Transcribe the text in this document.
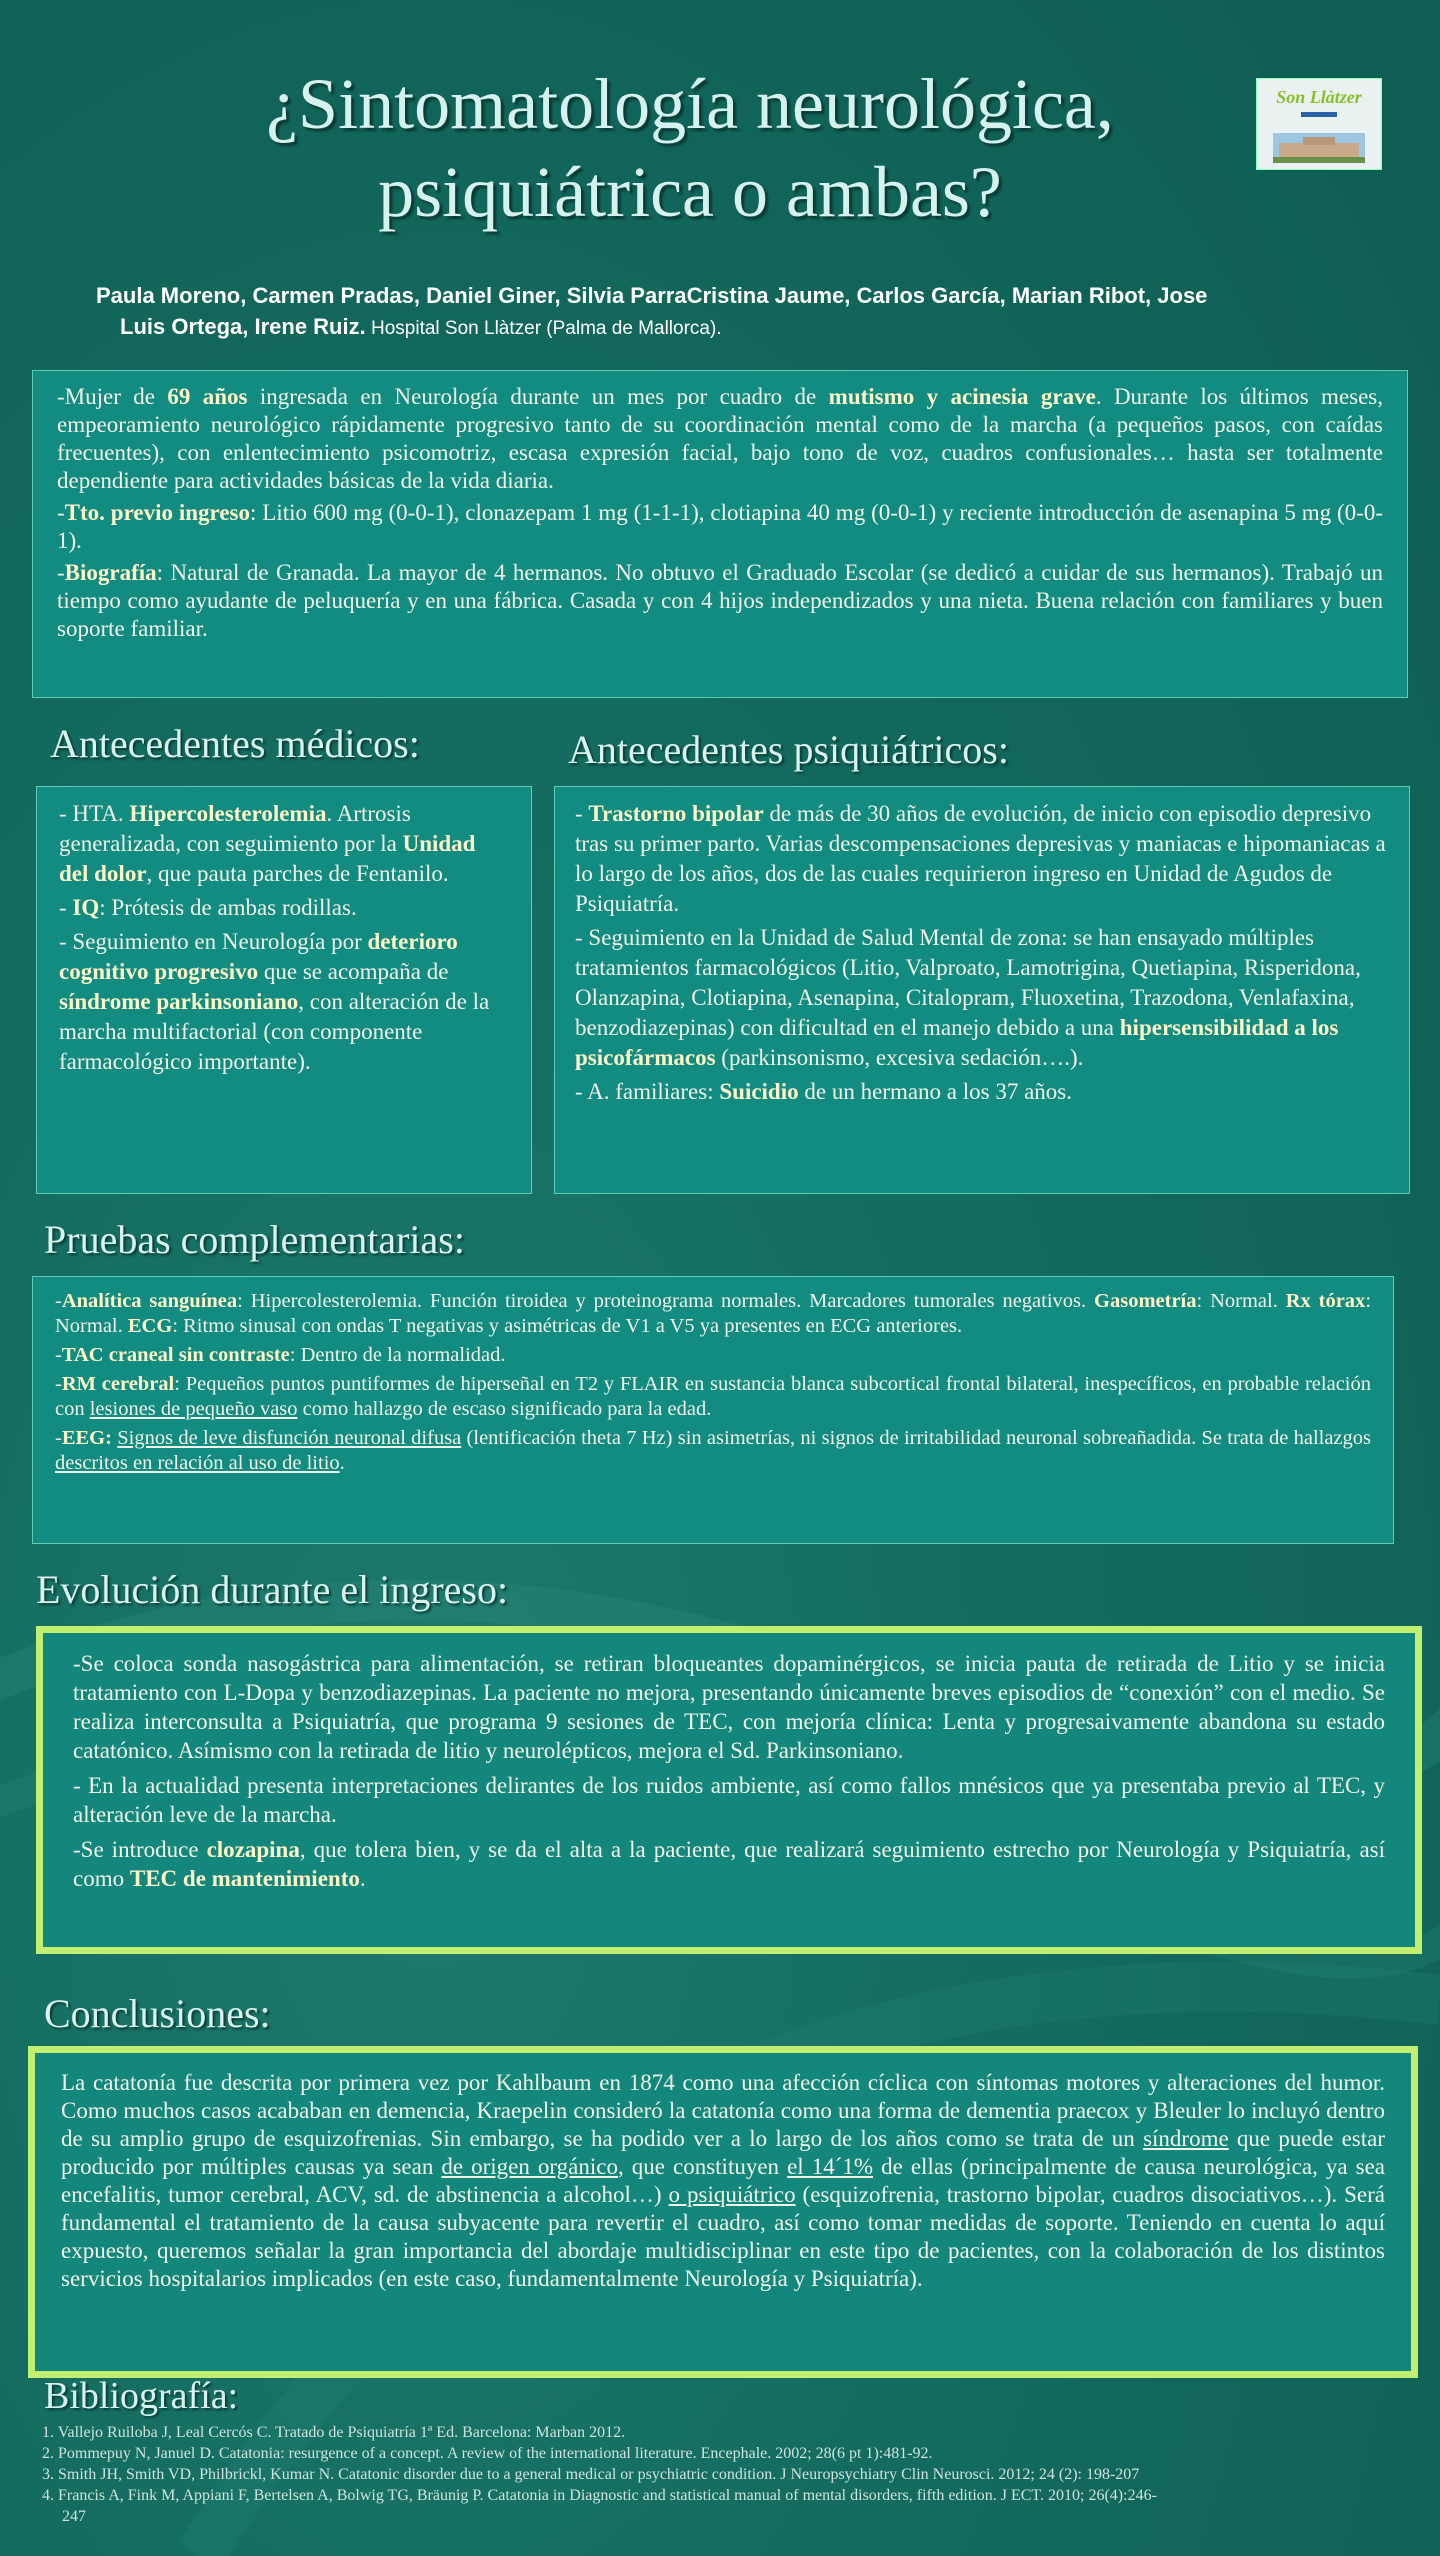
¿Sintomatología neurológica,
psiquiátrica o ambas?
Son Llàtzer
Paula Moreno, Carmen Pradas, Daniel Giner, Silvia ParraCristina Jaume, Carlos García, Marian Ribot, Jose
Luis Ortega, Irene Ruiz. Hospital Son Llàtzer (Palma de Mallorca).

-Mujer de 69 años ingresada en Neurología durante un mes por cuadro de mutismo y acinesia grave. Durante los últimos meses, empeoramiento neurológico rápidamente progresivo tanto de su coordinación mental como de la marcha (a pequeños pasos, con caídas frecuentes), con enlentecimiento psicomotriz, escasa expresión facial, bajo tono de voz, cuadros confusionales… hasta ser totalmente dependiente para actividades básicas de la vida diaria.

-Tto. previo ingreso: Litio 600 mg (0-0-1), clonazepam 1 mg (1-1-1), clotiapina 40 mg (0-0-1) y reciente introducción de asenapina 5 mg (0-0-1).

-Biografía: Natural de Granada. La mayor de 4 hermanos. No obtuvo el Graduado Escolar (se dedicó a cuidar de sus hermanos). Trabajó un tiempo como ayudante de peluquería y en una fábrica. Casada y con 4 hijos independizados y una nieta. Buena relación con familiares y buen soporte familiar.

Antecedentes médicos:

- HTA. Hipercolesterolemia. Artrosis generalizada, con seguimiento por la Unidad del dolor, que pauta parches de Fentanilo.

- IQ: Prótesis de ambas rodillas.

- Seguimiento en Neurología por deterioro cognitivo progresivo que se acompaña de síndrome parkinsoniano, con alteración de la marcha multifactorial (con componente farmacológico importante).

Antecedentes psiquiátricos:

- Trastorno bipolar de más de 30 años de evolución, de inicio con episodio depresivo tras su primer parto. Varias descompensaciones depresivas y maniacas e hipomaniacas a lo largo de los años, dos de las cuales requirieron ingreso en Unidad de Agudos de Psiquiatría.

- Seguimiento en la Unidad de Salud Mental de zona: se han ensayado múltiples tratamientos farmacológicos (Litio, Valproato, Lamotrigina, Quetiapina, Risperidona, Olanzapina, Clotiapina, Asenapina, Citalopram, Fluoxetina, Trazodona, Venlafaxina, benzodiazepinas) con dificultad en el manejo debido a una hipersensibilidad a los psicofármacos (parkinsonismo, excesiva sedación….).

- A. familiares: Suicidio de un hermano a los 37 años.

Pruebas complementarias:

-Analítica sanguínea: Hipercolesterolemia. Función tiroidea y proteinograma normales. Marcadores tumorales negativos. Gasometría: Normal. Rx tórax: Normal. ECG: Ritmo sinusal con ondas T negativas y asimétricas de V1 a V5 ya presentes en ECG anteriores.

-TAC craneal sin contraste: Dentro de la normalidad.

-RM cerebral: Pequeños puntos puntiformes de hiperseñal en T2 y FLAIR en sustancia blanca subcortical frontal bilateral, inespecíficos, en probable relación con lesiones de pequeño vaso como hallazgo de escaso significado para la edad.

-EEG: Signos de leve disfunción neuronal difusa (lentificación theta 7 Hz) sin asimetrías, ni signos de irritabilidad neuronal sobreañadida. Se trata de hallazgos descritos en relación al uso de litio.

Evolución durante el ingreso:

-Se coloca sonda nasogástrica para alimentación, se retiran bloqueantes dopaminérgicos, se inicia pauta de retirada de Litio y se inicia tratamiento con L-Dopa y benzodiazepinas. La paciente no mejora, presentando únicamente breves episodios de “conexión” con el medio. Se realiza interconsulta a Psiquiatría, que programa 9 sesiones de TEC, con mejoría clínica: Lenta y progresaivamente abandona su estado catatónico. Asímismo con la retirada de litio y neurolépticos, mejora el Sd. Parkinsoniano.

- En la actualidad presenta interpretaciones delirantes de los ruidos ambiente, así como fallos mnésicos que ya presentaba previo al TEC, y alteración leve de la marcha.

-Se introduce clozapina, que tolera bien, y se da el alta a la paciente, que realizará seguimiento estrecho por Neurología y Psiquiatría, así como TEC de mantenimiento.

Conclusiones:

La catatonía fue descrita por primera vez por Kahlbaum en 1874 como una afección cíclica con síntomas motores y alteraciones del humor. Como muchos casos acababan en demencia, Kraepelin consideró la catatonía como una forma de dementia praecox y Bleuler lo incluyó dentro de su amplio grupo de esquizofrenias. Sin embargo, se ha podido ver a lo largo de los años como se trata de un síndrome que puede estar producido por múltiples causas ya sean de origen orgánico, que constituyen el 14´1% de ellas (principalmente de causa neurológica, ya sea encefalitis, tumor cerebral, ACV, sd. de abstinencia a alcohol…) o psiquiátrico (esquizofrenia, trastorno bipolar, cuadros disociativos…). Será fundamental el tratamiento de la causa subyacente para revertir el cuadro, así como tomar medidas de soporte. Teniendo en cuenta lo aquí expuesto, queremos señalar la gran importancia del abordaje multidisciplinar en este tipo de pacientes, con la colaboración de los distintos servicios hospitalarios implicados (en este caso, fundamentalmente Neurología y Psiquiatría).

Bibliografía:
1. Vallejo Ruiloba J, Leal Cercós C. Tratado de Psiquiatría 1ª Ed. Barcelona: Marban 2012.
2. Pommepuy N, Januel D. Catatonia: resurgence of a concept. A review of the international literature. Encephale. 2002; 28(6 pt 1):481-92.
3. Smith JH, Smith VD, Philbrickl, Kumar N. Catatonic disorder due to a general medical or psychiatric condition. J Neuropsychiatry Clin Neurosci. 2012; 24 (2): 198-207
4. Francis A, Fink M, Appiani F, Bertelsen A, Bolwig TG, Bräunig P. Catatonia in Diagnostic and statistical manual of mental disorders, fifth edition. J ECT. 2010; 26(4):246-
247
